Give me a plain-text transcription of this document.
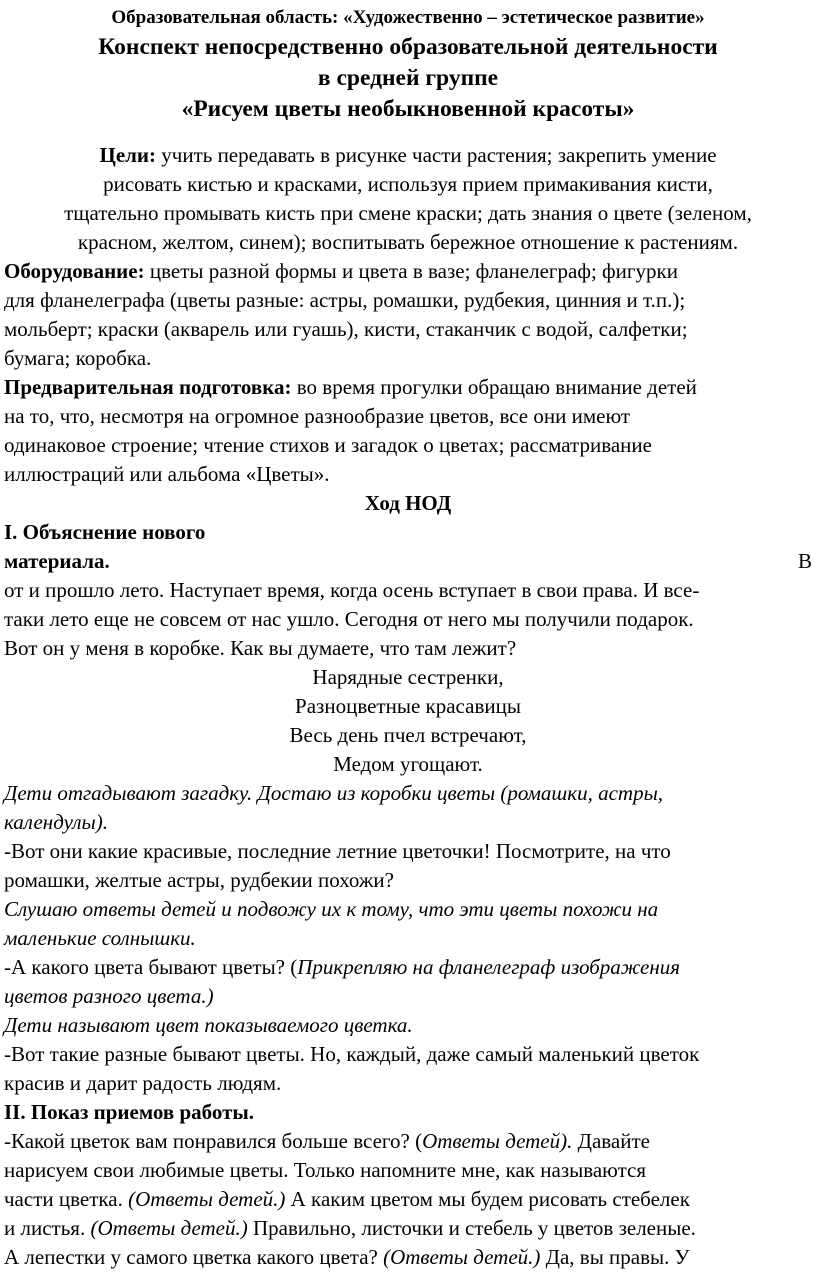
Образовательная область: «Художественно – эстетическое развитие»

Конспект непосредственно образовательной деятельности

в средней группе

«Рисуем цветы необыкновенной красоты»

Цели: учить передавать в рисунке части растения; закрепить умение

рисовать кистью и красками, используя прием примакивания кисти,

тщательно промывать кисть при смене краски; дать знания о цвете (зеленом,

красном, желтом, синем); воспитывать бережное отношение к растениям.

Оборудование: цветы разной формы и цвета в вазе; фланелеграф; фигурки

для фланелеграфа (цветы разные: астры, ромашки, рудбекия, цинния и т.п.);

мольберт; краски (акварель или гуашь), кисти, стаканчик с водой, салфетки;

бумага; коробка.

Предварительная подготовка: во время прогулки обращаю внимание детей

на то, что, несмотря на огромное разнообразие цветов, все они имеют

одинаковое строение; чтение стихов и загадок о цветах; рассматривание

иллюстраций или альбома «Цветы».

Ход НОД

I. Объяснение нового

материала.	В

от и прошло лето. Наступает время, когда осень вступает в свои права. И все-

таки лето еще не совсем от нас ушло. Сегодня от него мы получили подарок.

Вот он у меня в коробке. Как вы думаете, что там лежит?

Нарядные сестренки,

Разноцветные красавицы

Весь день пчел встречают,

Медом угощают.

Дети отгадывают загадку. Достаю из коробки цветы (ромашки, астры,

календулы).

-Вот они какие красивые, последние летние цветочки! Посмотрите, на что

ромашки, желтые астры, рудбекии похожи?

Слушаю ответы детей и подвожу их к тому, что эти цветы похожи на

маленькие солнышки.

-А какого цвета бывают цветы? (Прикрепляю на фланелеграф изображения

цветов разного цвета.)

Дети называют цвет показываемого цветка.

-Вот такие разные бывают цветы. Но, каждый, даже самый маленький цветок

красив и дарит радость людям.

II. Показ приемов работы.

-Какой цветок вам понравился больше всего? (Ответы детей). Давайте

нарисуем свои любимые цветы. Только напомните мне, как называются

части цветка. (Ответы детей.) А каким цветом мы будем рисовать стебелек

и листья. (Ответы детей.) Правильно, листочки и стебель у цветов зеленые.

А лепестки у самого цветка какого цвета? (Ответы детей.) Да, вы правы. У
